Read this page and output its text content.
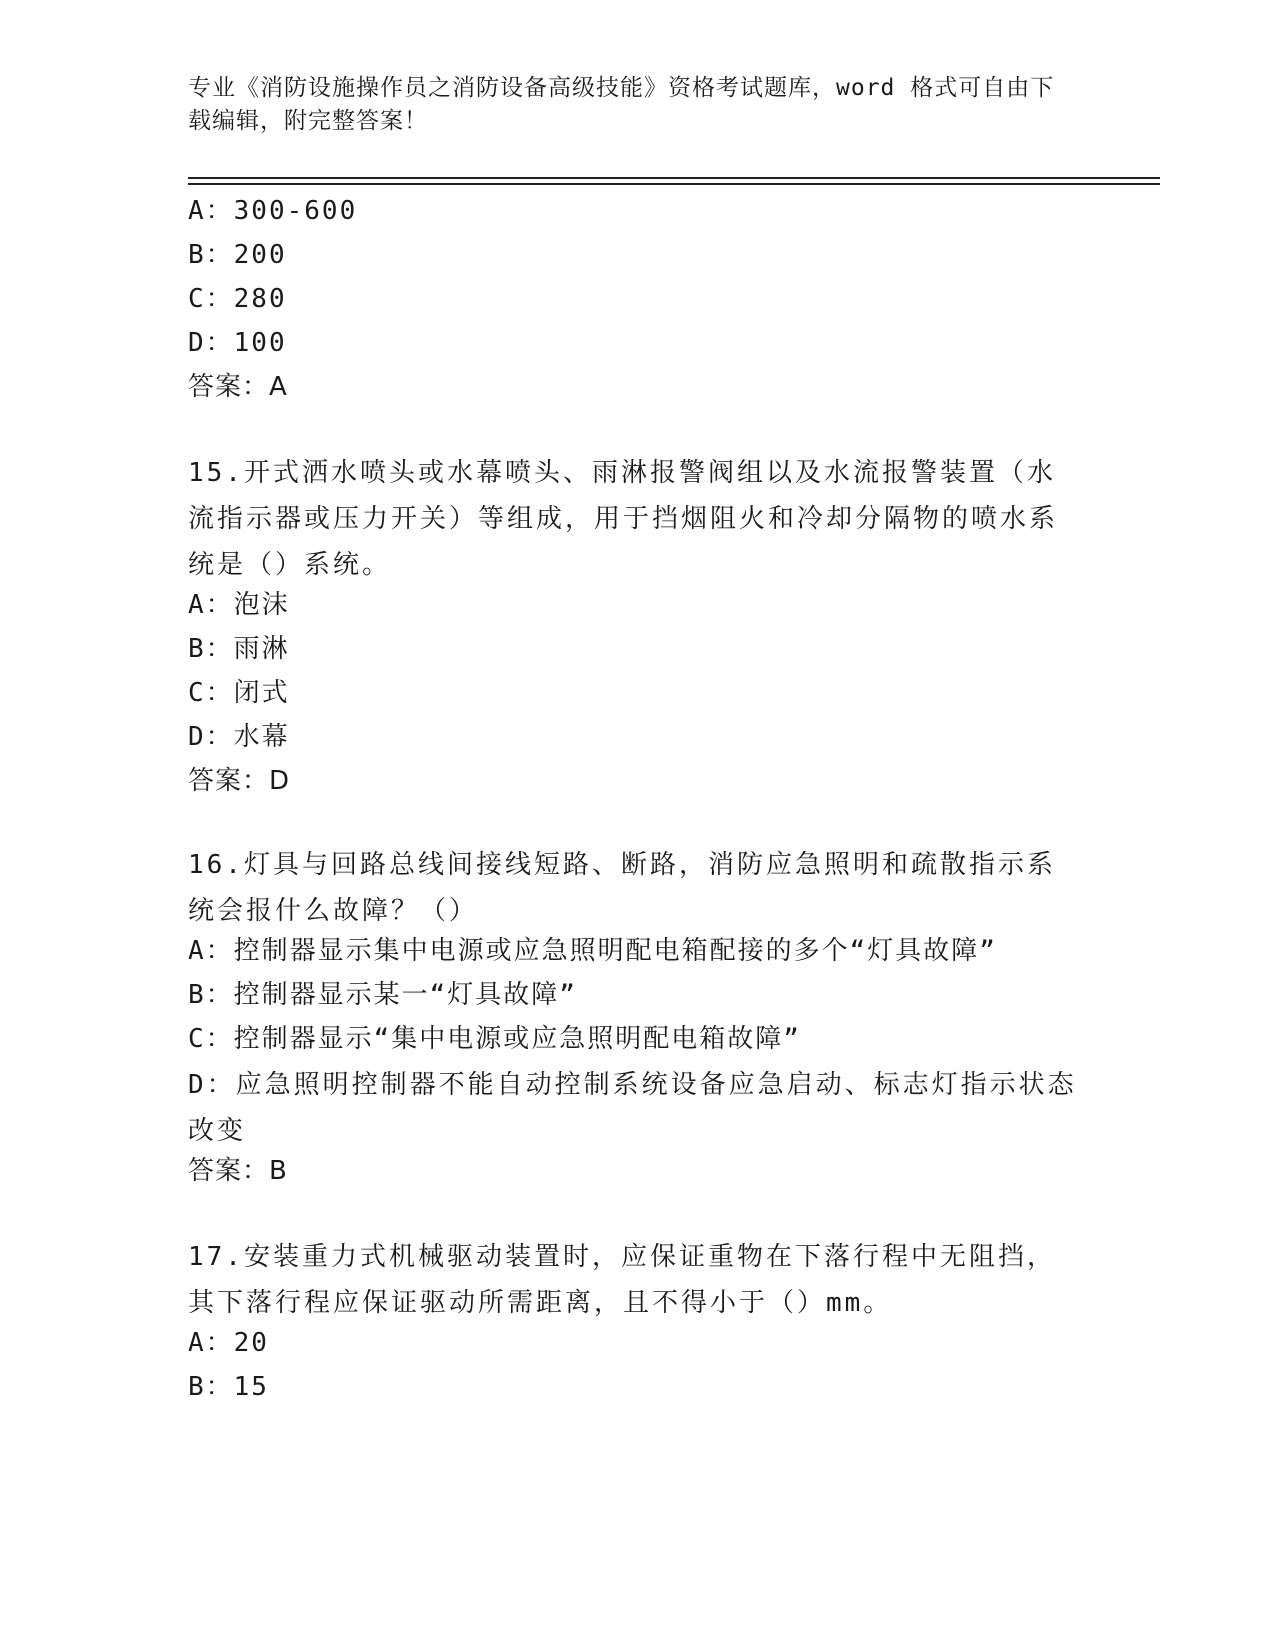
专业《消防设施操作员之消防设备高级技能》资格考试题库，word 格式可自由下载编辑，附完整答案！
A：300-600
B：200
C：280
D：100
答案：A
15.开式洒水喷头或水幕喷头、雨淋报警阀组以及水流报警装置（水流指示器或压力开关）等组成，用于挡烟阻火和冷却分隔物的喷水系统是（）系统。
A：泡沫
B：雨淋
C：闭式
D：水幕
答案：D
16.灯具与回路总线间接线短路、断路，消防应急照明和疏散指示系统会报什么故障？（）
A：控制器显示集中电源或应急照明配电箱配接的多个“灯具故障”
B：控制器显示某一“灯具故障”
C：控制器显示“集中电源或应急照明配电箱故障”
D：应急照明控制器不能自动控制系统设备应急启动、标志灯指示状态改变
答案：B
17.安装重力式机械驱动装置时，应保证重物在下落行程中无阻挡，其下落行程应保证驱动所需距离，且不得小于（）mm。
A：20
B：15
